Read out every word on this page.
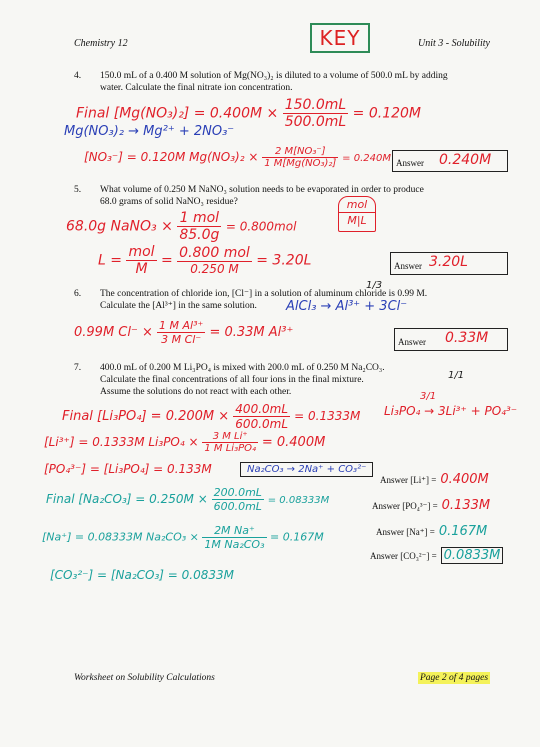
Chemistry 12	KEY	Unit 3 - Solubility
4. 150.0 mL of a 0.400 M solution of Mg(NO₃)₂ is diluted to a volume of 500.0 mL by adding
water. Calculate the final nitrate ion concentration.
Final $[Mg(NO_3)_2] = 0.400M \times \frac{150.0mL}{500.0mL} = 0.120M$
Mg(NO₃)₂ → Mg²⁺ + 2NO₃⁻
[NO₃⁻] = 0.120M $Mg(NO_3)_2 \times \frac{\text{2 M[NO₃⁻]}}{\text{1 M[Mg(NO₃)₂]}} = 0.240M$ Answer 0.240M
5. What volume of 0.250 M NaNO₃ solution needs to be evaporated in order to produce
68.0 grams of solid NaNO₃ residue?
68.0g NaNO₃ × $\frac{\text{1 mol}}{85.0g} = 0.800mol$
mol
M|L
$L = \frac{\text{mol}}{M} = \frac{\text{0.800 mol}}{0.250 M} = 3.20L$	Answer 3.20L
1/3
6. The concentration of chloride ion, [Cl⁻] in a solution of aluminum chloride is 0.99 M.
Calculate the [Al³⁺] in the same solution. AlCl₃ → Al³⁺ + 3Cl⁻
0.99M $Cl^- \times \frac{\text{1 M Al³⁺}}{\text{3 M Cl⁻}} = 0.33M$ Al³⁺
Answer 0.33M
1/1
7. 400.0 mL of 0.200 M Li₃PO₄ is mixed with 200.0 mL of 0.250 M Na₂CO₃.
Calculate the final concentrations of all four ions in the final mixture.
Assume the solutions do not react with each other.	3/1
Final $[Li_3PO_4] = 0.200M \times \frac{400.0mL}{600.0mL} = 0.1333M$ Li₃PO₄ → 3Li³⁺ + PO₄³⁻
[Li³⁺] = 0.1333M $Li_3PO_4 \times \frac{\text{3 M Li⁺}}{\text{1 M Li₃PO₄}} = 0.400M$
[PO₄³⁻] = [Li₃PO₄] = 0.133M	Na₂CO₃ → 2Na⁺ + CO₃²⁻
Final $[Na_2CO_3] = 0.250M \times \frac{200.0mL}{600.0mL} = 0.08333M$
[Na⁺] = 0.08333M $Na_2CO_3 \times \frac{\text{2M Na⁺}}{\text{1M Na₂CO₃}} = 0.167M$
[CO₃²⁻] = [Na₂CO₃] = 0.0833M
Answer [Li⁺] = 0.400M
Answer [PO₄³⁻] = 0.133M
Answer [Na⁺] = 0.167M
Answer [CO₃²⁻] = 0.0833M
Worksheet on Solubility Calculations	Page 2 of 4 pages
